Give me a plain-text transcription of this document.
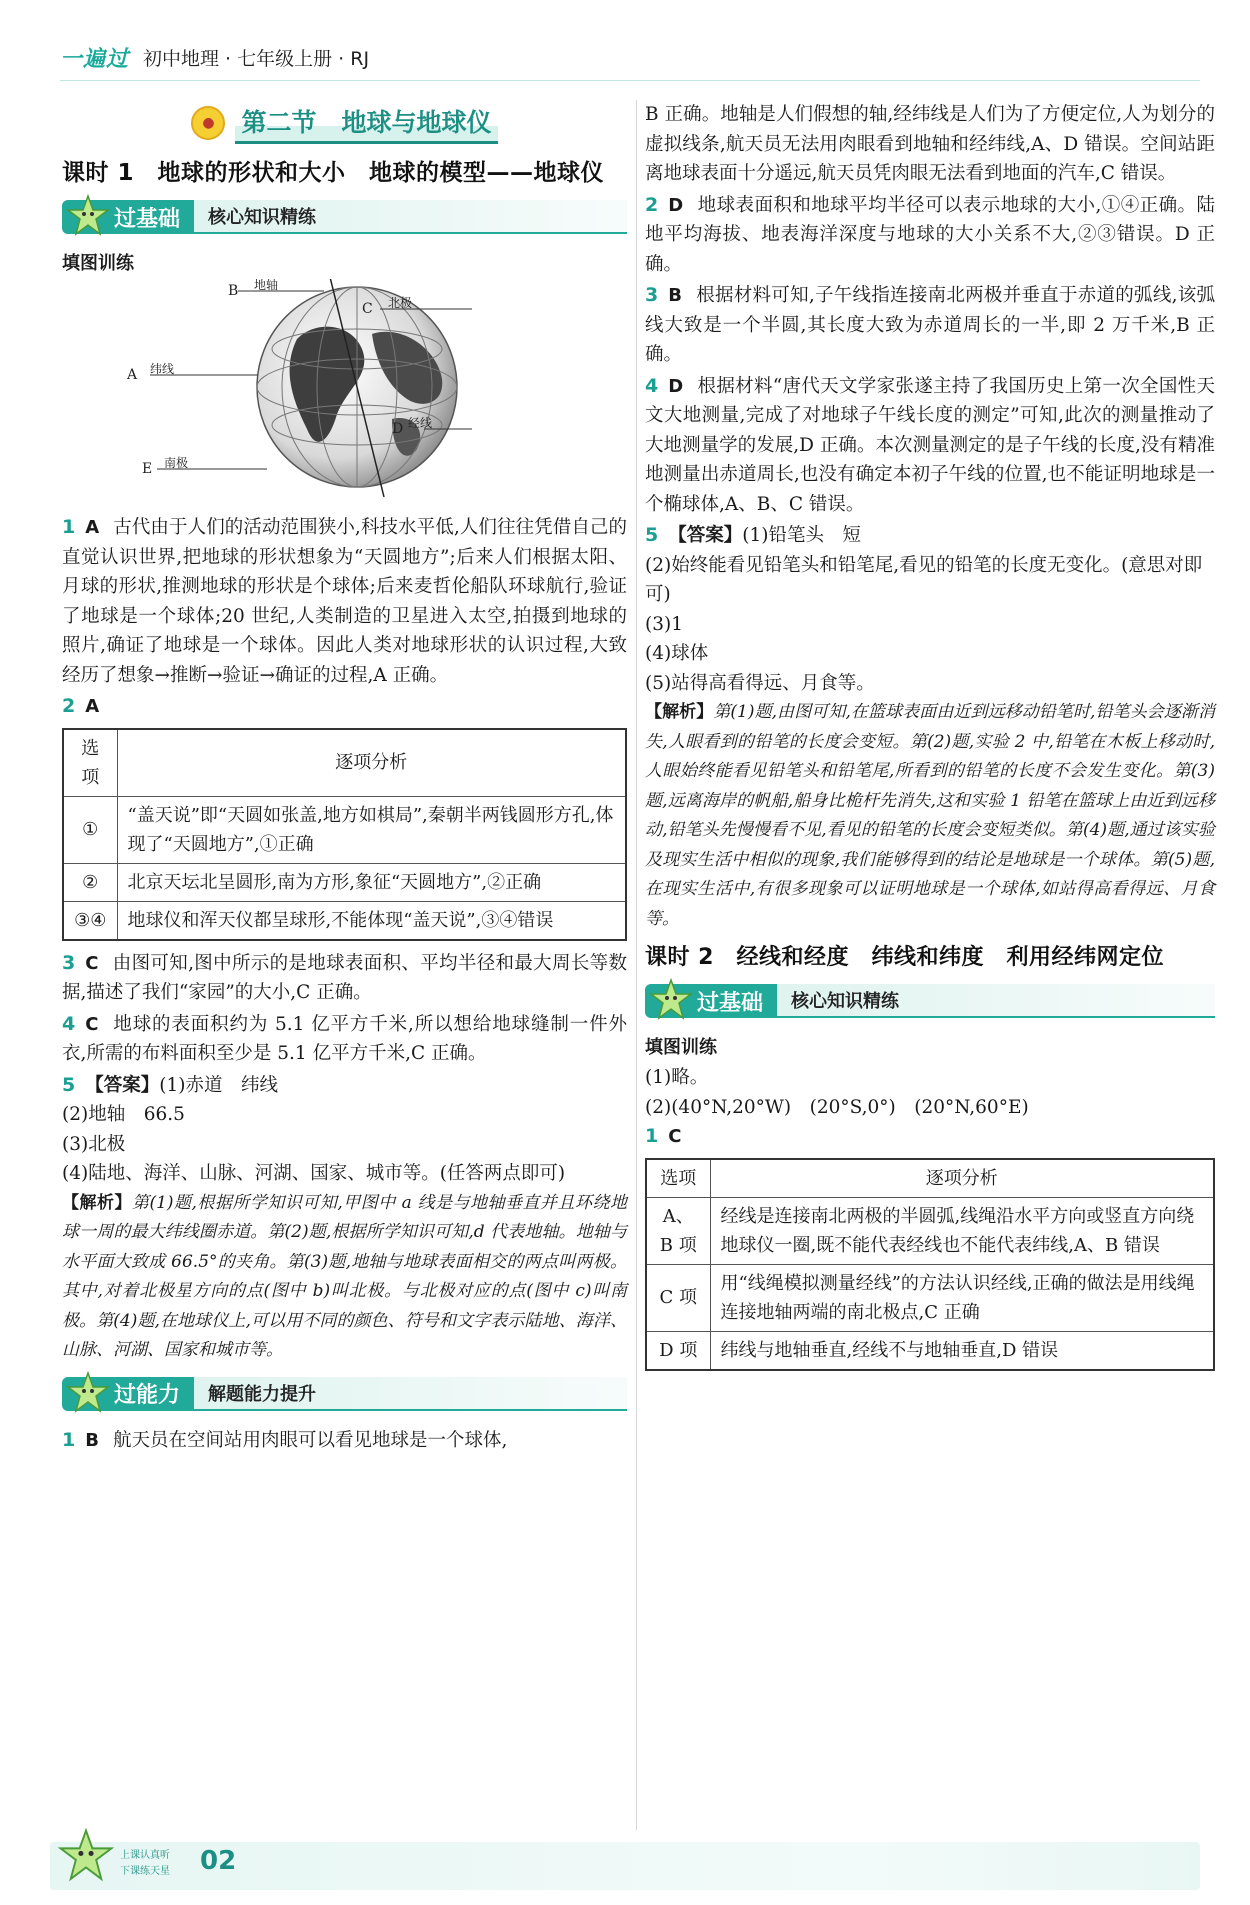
一遍过 初中地理 · 七年级上册 · RJ
●	第二节　地球与地球仪
课时 1　地球的形状和大小　地球的模型——地球仪
过基础	核心知识精练
填图训练
B 地轴
C 北极
A 纬线
D 经线
E 南极

1 A 古代由于人们的活动范围狭小,科技水平低,人们往往凭借自己的直觉认识世界,把地球的形状想象为“天圆地方”;后来人们根据太阳、月球的形状,推测地球的形状是个球体;后来麦哲伦船队环球航行,验证了地球是一个球体;20 世纪,人类制造的卫星进入太空,拍摄到地球的照片,确证了地球是一个球体。因此人类对地球形状的认识过程,大致经历了想象→推断→验证→确证的过程,A 正确。

2 A

选项	逐项分析
①	“盖天说”即“天圆如张盖,地方如棋局”,秦朝半两钱圆形方孔,体现了“天圆地方”,①正确
②	北京天坛北呈圆形,南为方形,象征“天圆地方”,②正确
③④	地球仪和浑天仪都呈球形,不能体现“盖天说”,③④错误

3 C 由图可知,图中所示的是地球表面积、平均半径和最大周长等数据,描述了我们“家园”的大小,C 正确。

4 C 地球的表面积约为 5.1 亿平方千米,所以想给地球缝制一件外衣,所需的布料面积至少是 5.1 亿平方千米,C 正确。

5 【答案】(1)赤道　纬线
(2)地轴　66.5
(3)北极
(4)陆地、海洋、山脉、河湖、国家、城市等。(任答两点即可)

【解析】第(1)题,根据所学知识可知,甲图中 a 线是与地轴垂直并且环绕地球一周的最大纬线圈赤道。第(2)题,根据所学知识可知,d 代表地轴。地轴与水平面大致成 66.5°的夹角。第(3)题,地轴与地球表面相交的两点叫两极。其中,对着北极星方向的点(图中 b)叫北极。与北极对应的点(图中 c)叫南极。第(4)题,在地球仪上,可以用不同的颜色、符号和文字表示陆地、海洋、山脉、河湖、国家和城市等。

过能力	解题能力提升

1 B 航天员在空间站用肉眼可以看见地球是一个球体,

B 正确。地轴是人们假想的轴,经纬线是人们为了方便定位,人为划分的虚拟线条,航天员无法用肉眼看到地轴和经纬线,A、D 错误。空间站距离地球表面十分遥远,航天员凭肉眼无法看到地面的汽车,C 错误。

2 D 地球表面积和地球平均半径可以表示地球的大小,①④正确。陆地平均海拔、地表海洋深度与地球的大小关系不大,②③错误。D 正确。

3 B 根据材料可知,子午线指连接南北两极并垂直于赤道的弧线,该弧线大致是一个半圆,其长度大致为赤道周长的一半,即 2 万千米,B 正确。

4 D 根据材料“唐代天文学家张遂主持了我国历史上第一次全国性天文大地测量,完成了对地球子午线长度的测定”可知,此次的测量推动了大地测量学的发展,D 正确。本次测量测定的是子午线的长度,没有精准地测量出赤道周长,也没有确定本初子午线的位置,也不能证明地球是一个椭球体,A、B、C 错误。

5 【答案】(1)铅笔头　短
(2)始终能看见铅笔头和铅笔尾,看见的铅笔的长度无变化。(意思对即可)
(3)1
(4)球体
(5)站得高看得远、月食等。

【解析】第(1)题,由图可知,在篮球表面由近到远移动铅笔时,铅笔头会逐渐消失,人眼看到的铅笔的长度会变短。第(2)题,实验 2 中,铅笔在木板上移动时,人眼始终能看见铅笔头和铅笔尾,所看到的铅笔的长度不会发生变化。第(3)题,远离海岸的帆船,船身比桅杆先消失,这和实验 1 铅笔在篮球上由近到远移动,铅笔头先慢慢看不见,看见的铅笔的长度会变短类似。第(4)题,通过该实验及现实生活中相似的现象,我们能够得到的结论是地球是一个球体。第(5)题,在现实生活中,有很多现象可以证明地球是一个球体,如站得高看得远、月食等。

课时 2　经线和经度　纬线和纬度　利用经纬网定位
过基础	核心知识精练
填图训练
(1)略。
(2)(40°N,20°W)　(20°S,0°)　(20°N,60°E)

1 C

选项	逐项分析
A、B 项	经线是连接南北两极的半圆弧,线绳沿水平方向或竖直方向绕地球仪一圈,既不能代表经线也不能代表纬线,A、B 错误
C 项	用“线绳模拟测量经线”的方法认识经线,正确的做法是用线绳连接地轴两端的南北极点,C 正确
D 项	纬线与地轴垂直,经线不与地轴垂直,D 错误
上课认真听
下课练天星 02
